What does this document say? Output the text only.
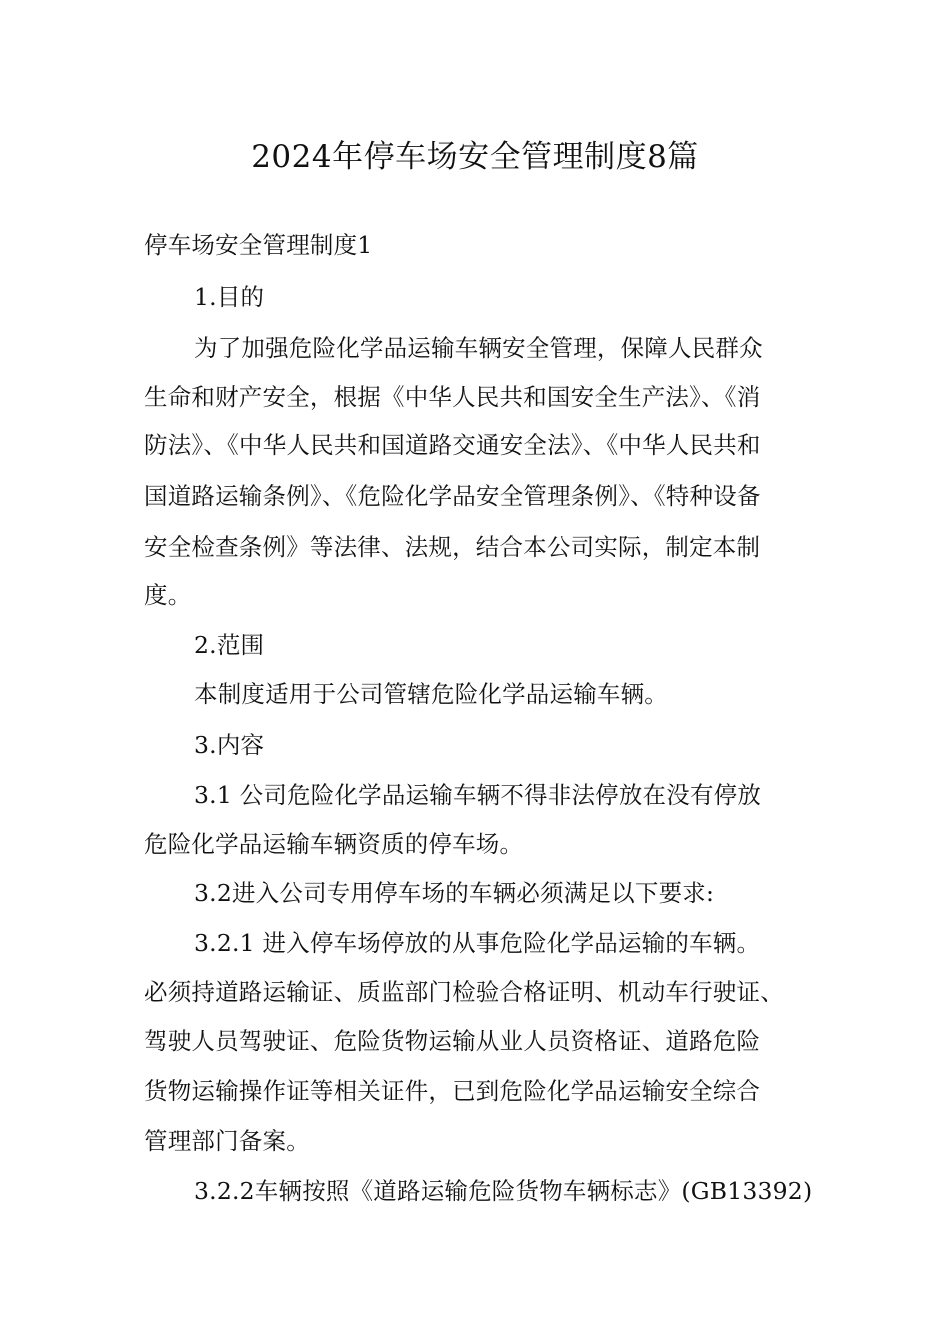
2024年停车场安全管理制度8篇
停车场安全管理制度1
1.目的
为了加强危险化学品运输车辆安全管理，保障人民群众
生命和财产安全，根据《中华人民共和国安全生产法》、《消
防法》、《中华人民共和国道路交通安全法》、《中华人民共和
国道路运输条例》、《危险化学品安全管理条例》、《特种设备
安全检查条例》等法律、法规，结合本公司实际，制定本制
度。
2.范围
本制度适用于公司管辖危险化学品运输车辆。
3.内容
3.1 公司危险化学品运输车辆不得非法停放在没有停放
危险化学品运输车辆资质的停车场。
3.2进入公司专用停车场的车辆必须满足以下要求:
3.2.1 进入停车场停放的从事危险化学品运输的车辆。
必须持道路运输证、质监部门检验合格证明、机动车行驶证、
驾驶人员驾驶证、危险货物运输从业人员资格证、道路危险
货物运输操作证等相关证件，已到危险化学品运输安全综合
管理部门备案。
3.2.2车辆按照《道路运输危险货物车辆标志》(GB13392)
